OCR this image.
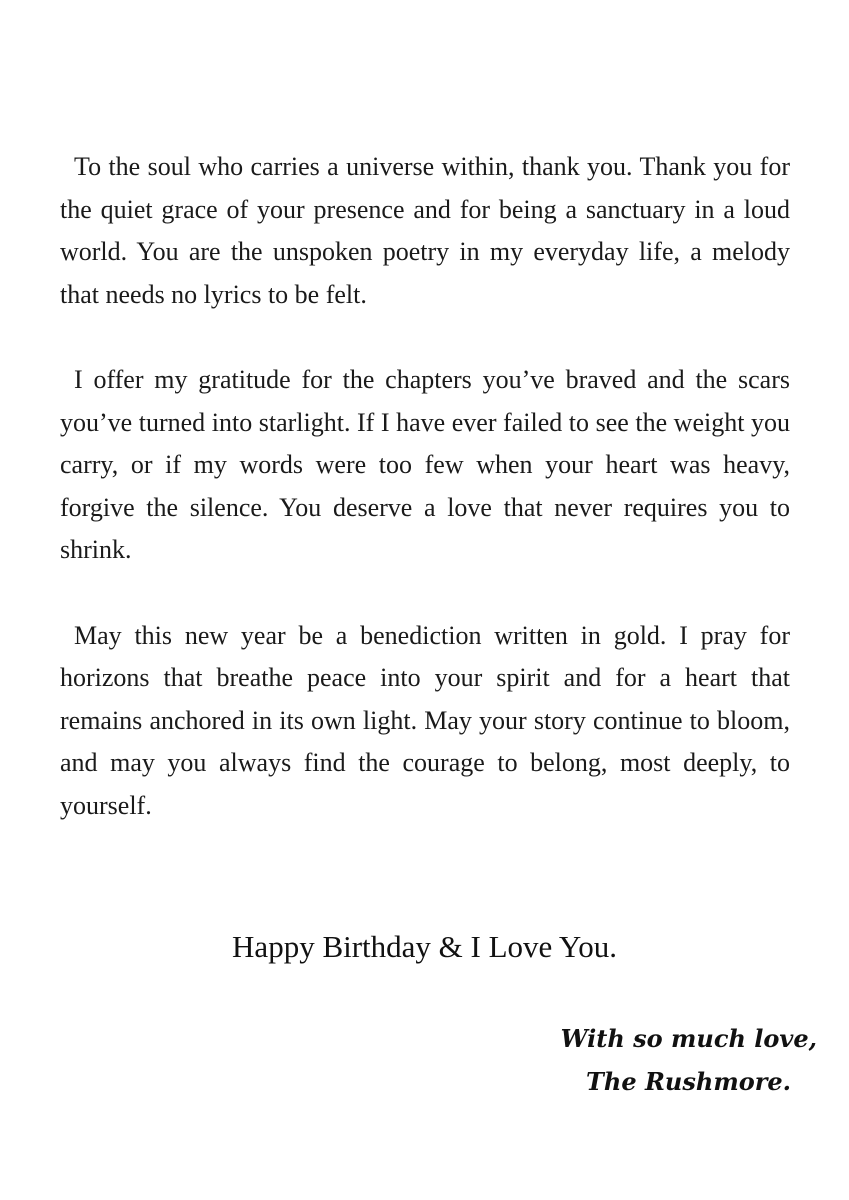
To the soul who carries a universe within, thank you. Thank you for the quiet grace of your presence and for being a sanctuary in a loud world. You are the unspoken poetry in my everyday life, a melody that needs no lyrics to be felt.

I offer my gratitude for the chapters you’ve braved and the scars you’ve turned into starlight. If I have ever failed to see the weight you carry, or if my words were too few when your heart was heavy, forgive the silence. You deserve a love that never requires you to shrink.

May this new year be a benediction written in gold. I pray for horizons that breathe peace into your spirit and for a heart that remains anchored in its own light. May your story continue to bloom, and may you always find the courage to belong, most deeply, to yourself.

Happy Birthday & I Love You.
With so much love,
The Rushmore.
